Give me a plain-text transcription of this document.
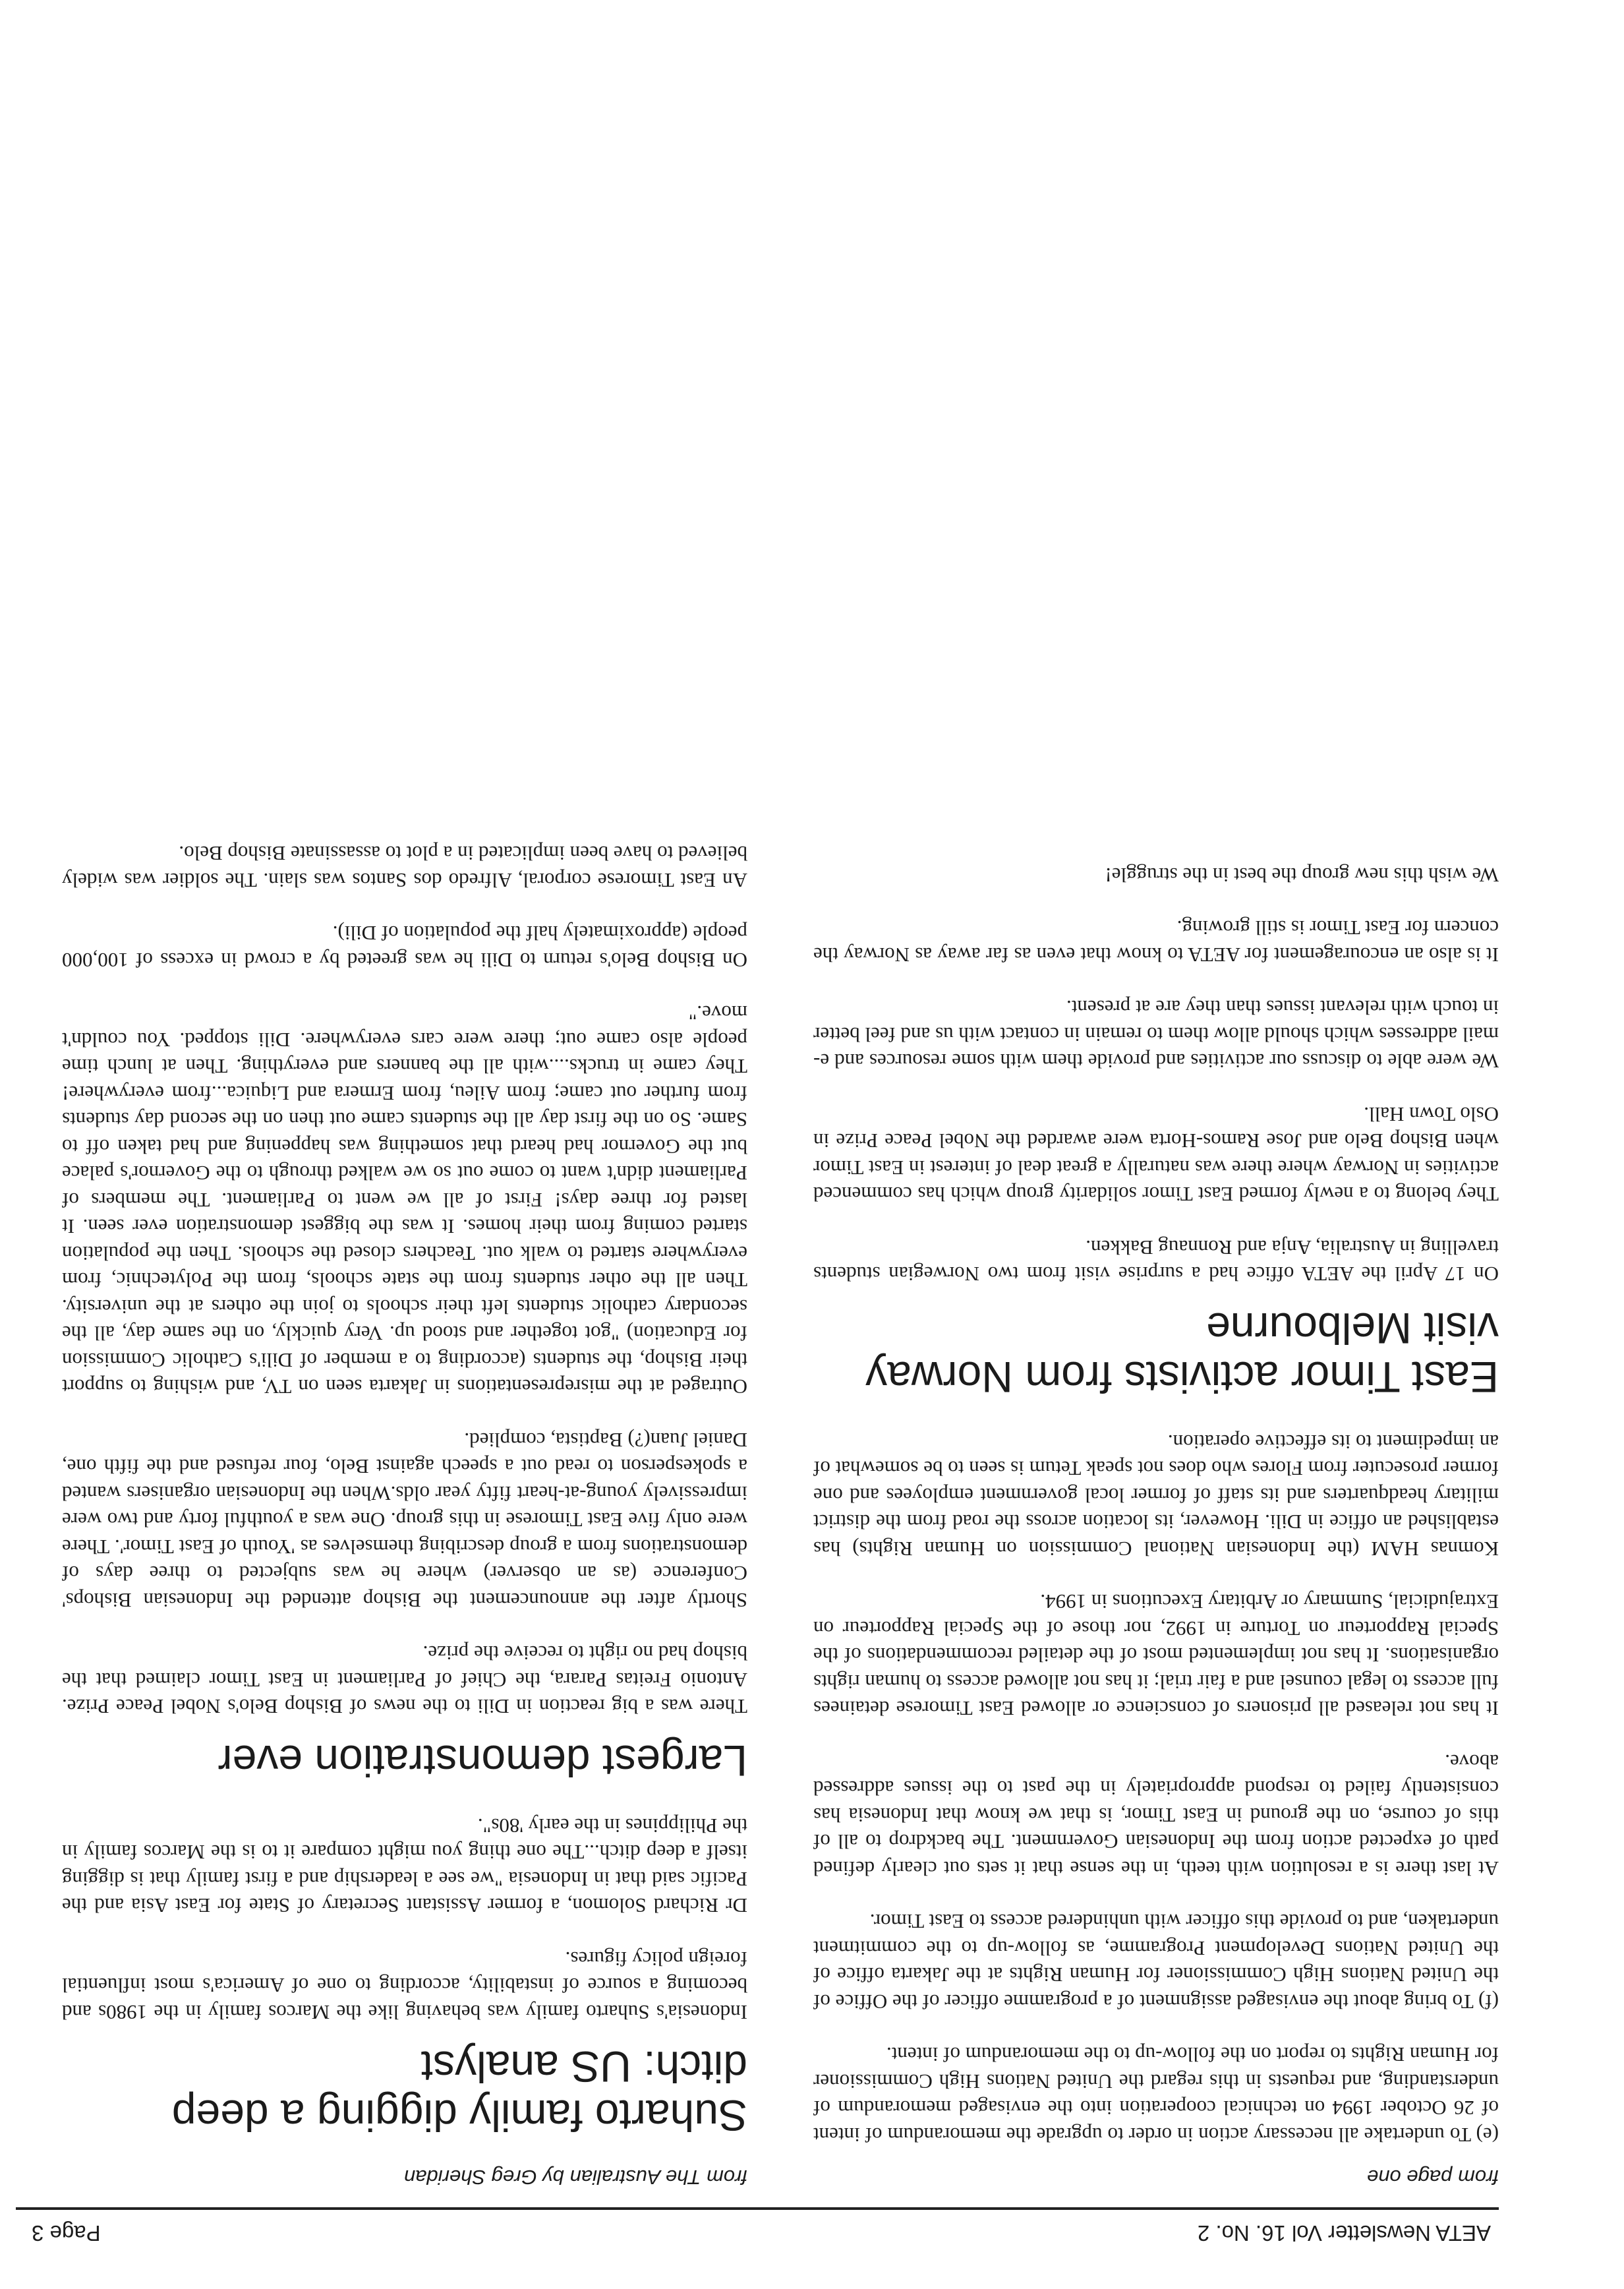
AETA Newsletter Vol 16. No. 2
Page 3
from page one

(e) To undertake all necessary action in order to upgrade the memorandum of intent of 26 October 1994 on technical cooperation into the envisaged memorandum of understanding, and requests in this regard the United Nations High Commissioner for Human Rights to report on the follow-up to the memorandum of intent.

(f) To bring about the envisaged assignment of a programme officer of the Office of the United Nations High Commissioner for Human Rights at the Jakarta office of the United Nations Development Programme, as follow-up to the commitment undertaken, and to provide this officer with unhindered access to East Timor.

At last there is a resolution with teeth, in the sense that it sets out clearly defined path of expected action from the Indonesian Government. The backdrop to all of this of course, on the ground in East Timor, is that we know that Indonesia has consistently failed to respond appropriately in the past to the issues addressed above.

It has not released all prisoners of conscience or allowed East Timorese detainees full access to legal counsel and a fair trial; it has not allowed access to human rights organisations. It has not implemented most of the detailed recommendations of the Special Rapporteur on Torture in 1992, nor those of the Special Rapporteur on Extrajudicial, Summary or Arbitary Executions in 1994.

Komnas HAM (the Indonesian National Commission on Human Rights) has established an office in Dili. However, its location across the road from the district military headquarters and its staff of former local government employees and one former prosecuter from Flores who does not speak Tetum is seen to be somewhat of an impediment to its effective operation.

East Timor activists from Norway visit Melbourne

On 17 April the AETA office had a surprise visit from two Norwegian students travelling in Australia, Anja and Ronnaug Bakken.

They belong to a newly formed East Timor solidarity group which has commenced activities in Norway where there was naturally a great deal of interest in East Timor when Bishop Belo and Jose Ramos-Horta were awarded the Nobel Peace Prize in Oslo Town Hall.

We were able to discuss our activities and provide them with some resources and e-mail addresses which should allow them to remain in contact with us and feel better in touch with relevant issues than they are at present.

It is also an encouragement for AETA to know that even as far away as Norway the concern for East Timor is still growing.

We wish this new group the best in the struggle!

from The Australian by Greg Sheridan
Suharto family digging a deep ditch: US analyst

Indonesia's Suharto family was behaving like the Marcos family in the 1980s and becoming a source of instability, according to one of America's most influential foreign policy figures.

Dr Richard Solomon, a former Assistant Secretary of State for East Asia and the Pacific said that in Indonesia "we see a leadership and a first family that is digging itself a deep ditch...The one thing you might compare it to is the Marcos family in the Philippines in the early '80s".

Largest demonstration ever

There was a big reaction in Dili to the news of Bishop Belo's Nobel Peace Prize. Antonio Freitas Parara, the Chief of Parliament in East Timor claimed that the bishop had no right to receive the prize.

Shortly after the announcement the Bishop attended the Indonesian Bishops' Conference (as an observer) where he was subjected to three days of demonstrations from a group describing themselves as 'Youth of East Timor'. There were only five East Timorese in this group. One was a youthful forty and two were impressively young-at-heart fifty year olds.When the Indonesian organisers wanted a spokesperson to read out a speech against Belo, four refused and the fifth one, Daniel Juan(?) Baptista, complied.

Outraged at the misrepresentations in Jakarta seen on TV, and wishing to support their Bishop, the students (according to a member of Dili's Catholic Commission for Education) "got together and stood up. Very quickly, on the same day, all the secondary catholic students left their schools to join the others at the university. Then all the other students from the state schools, from the Polytechnic, from everywhere started to walk out. Teachers closed the schools. Then the population started coming from their homes. It was the biggest demonstration ever seen. It lasted for three days! First of all we went to Parliament. The members of Parliament didn't want to come out so we walked through to the Governor's palace but the Governor had heard that something was happening and had taken off to Same. So on the first day all the students came out then on the second day students from further out came; from Aileu, from Ermera and Liquica...from everywhere! They came in trucks....with all the banners and everything. Then at lunch time people also came out; there were cars everywhere. Dili stopped. You couldn't move."

On Bishop Belo's return to Dili he was greeted by a crowd in excess of 100,000 people (approximately half the population of Dili).

An East Timorese corporal, Alfredo dos Santos was slain. The soldier was widely believed to have been implicated in a plot to assassinate Bishop Belo.
